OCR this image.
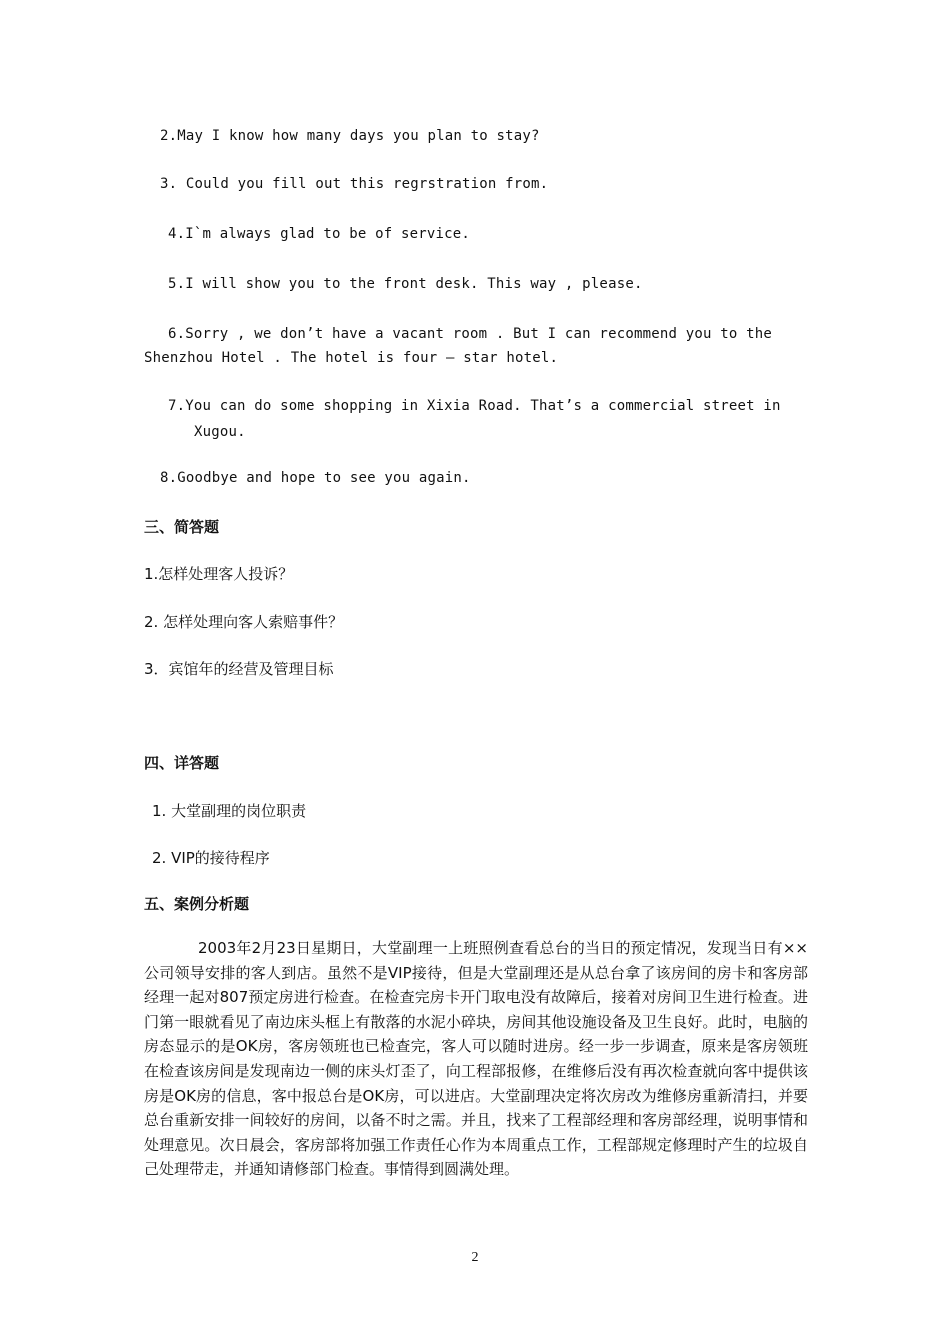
2.May I know how many days you plan to stay?
3. Could you fill out this regrstration from.
4.I`m always glad to be of service.
5.I will show you to the front desk. This way , please.
6.Sorry , we don’t have a vacant room . But I can recommend you to the
Shenzhou Hotel . The hotel is four – star hotel.
7.You can do some shopping in Xixia Road. That’s a commercial street in
Xugou.
8.Goodbye and hope to see you again.
三、简答题
1.怎样处理客人投诉？
2. 怎样处理向客人索赔事件？
3．宾馆年的经营及管理目标
四、详答题
1. 大堂副理的岗位职责
2. VIP的接待程序
五、案例分析题
2003年2月23日星期日，大堂副理一上班照例查看总台的当日的预定情况，发现当日有××公司领导安排的客人到店。虽然不是VIP接待，但是大堂副理还是从总台拿了该房间的房卡和客房部经理一起对807预定房进行检查。在检查完房卡开门取电没有故障后，接着对房间卫生进行检查。进门第一眼就看见了南边床头框上有散落的水泥小碎块，房间其他设施设备及卫生良好。此时，电脑的房态显示的是OK房，客房领班也已检查完，客人可以随时进房。经一步一步调查，原来是客房领班在检查该房间是发现南边一侧的床头灯歪了，向工程部报修，在维修后没有再次检查就向客中提供该房是OK房的信息，客中报总台是OK房，可以进店。大堂副理决定将次房改为维修房重新清扫，并要总台重新安排一间较好的房间，以备不时之需。并且，找来了工程部经理和客房部经理，说明事情和处理意见。次日晨会，客房部将加强工作责任心作为本周重点工作，工程部规定修理时产生的垃圾自己处理带走，并通知请修部门检查。事情得到圆满处理。
2
